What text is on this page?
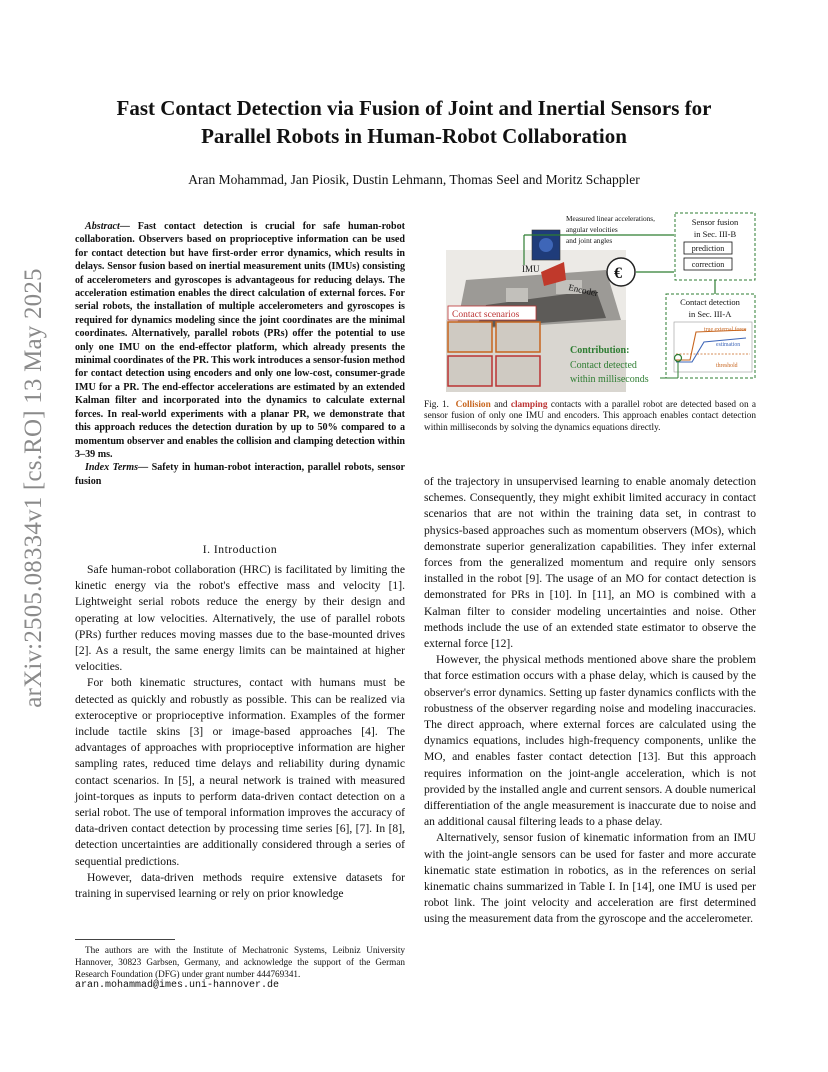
arXiv:2505.08334v1 [cs.RO] 13 May 2025
Fast Contact Detection via Fusion of Joint and Inertial Sensors for
Parallel Robots in Human-Robot Collaboration
Aran Mohammad, Jan Piosik, Dustin Lehmann, Thomas Seel and Moritz Schappler

Abstract— Fast contact detection is crucial for safe human-robot collaboration. Observers based on proprioceptive information can be used for contact detection but have first-order error dynamics, which results in delays. Sensor fusion based on inertial measurement units (IMUs) consisting of accelerometers and gyroscopes is advantageous for reducing delays. The acceleration estimation enables the direct calculation of external forces. For serial robots, the installation of multiple accelerometers and gyroscopes is required for dynamics modeling since the joint coordinates are the minimal coordinates. Alternatively, parallel robots (PRs) offer the potential to use only one IMU on the end-effector platform, which already presents the minimal coordinates of the PR. This work introduces a sensor-fusion method for contact detection using encoders and only one low-cost, consumer-grade IMU for a PR. The end-effector accelerations are estimated by an extended Kalman filter and incorporated into the dynamics to calculate external forces. In real-world experiments with a planar PR, we demonstrate that this approach reduces the detection duration by up to 50% compared to a momentum observer and enables the collision and clamping detection within 3–39 ms.

Index Terms— Safety in human-robot interaction, parallel robots, sensor fusion

I. Introduction

Safe human-robot collaboration (HRC) is facilitated by limiting the kinetic energy via the robot's effective mass and velocity [1]. Lightweight serial robots reduce the energy by their design and operating at low velocities. Alternatively, the use of parallel robots (PRs) further reduces moving masses due to the base-mounted drives [2]. As a result, the same energy limits can be maintained at higher velocities.

For both kinematic structures, contact with humans must be detected as quickly and robustly as possible. This can be realized via exteroceptive or proprioceptive information. Examples of the former include tactile skins [3] or image-based approaches [4]. The advantages of approaches with proprioceptive information are higher sampling rates, reduced time delays and reliability during dynamic contact scenarios. In [5], a neural network is trained with measured joint-torques as inputs to perform data-driven contact detection on a serial robot. The use of temporal information improves the accuracy of data-driven contact detection by processing time series [6], [7]. In [8], detection uncertainties are additionally considered through a series of sequential predictions.

However, data-driven methods require extensive datasets for training in supervised learning or rely on prior knowledge

The authors are with the Institute of Mechatronic Systems, Leibniz University Hannover, 30823 Garbsen, Germany, and acknowledge the support of the German Research Foundation (DFG) under grant number 444769341.

aran.mohammad@imes.uni-hannover.de
IMU	€
Encoder
Contact scenarios
Measured linear accelerations,
angular velocities
and joint angles
Sensor fusion
in Sec. III-B
prediction
correction
Contact detection
in Sec. III-A
true external force
estimation
threshold
Contribution:
Contact detected
within milliseconds
Fig. 1. Collision and clamping contacts with a parallel robot are detected based on a sensor fusion of only one IMU and encoders. This approach enables contact detection within milliseconds by solving the dynamics equations directly.

of the trajectory in unsupervised learning to enable anomaly detection schemes. Consequently, they might exhibit limited accuracy in contact scenarios that are not within the training data set, in contrast to physics-based approaches such as momentum observers (MOs), which demonstrate superior generalization capabilities. They infer external forces from the generalized momentum and require only sensors installed in the robot [9]. The usage of an MO for contact detection is demonstrated for PRs in [10]. In [11], an MO is combined with a Kalman filter to consider modeling uncertainties and noise. Other methods include the use of an extended state estimator to observe the external force [12].

However, the physical methods mentioned above share the problem that force estimation occurs with a phase delay, which is caused by the observer's error dynamics. Setting up faster dynamics conflicts with the robustness of the observer regarding noise and modeling inaccuracies. The direct approach, where external forces are calculated using the dynamics equations, includes high-frequency components, unlike the MO, and enables faster contact detection [13]. But this approach requires information on the joint-angle acceleration, which is not provided by the installed angle and current sensors. A double numerical differentiation of the angle measurement is inaccurate due to noise and an additional causal filtering leads to a phase delay.

Alternatively, sensor fusion of kinematic information from an IMU with the joint-angle sensors can be used for faster and more accurate kinematic state estimation in robotics, as in the references on serial kinematic chains summarized in Table I. In [14], one IMU is used per robot link. The joint velocity and acceleration are first determined using the measurement data from the gyroscope and the accelerometer.
